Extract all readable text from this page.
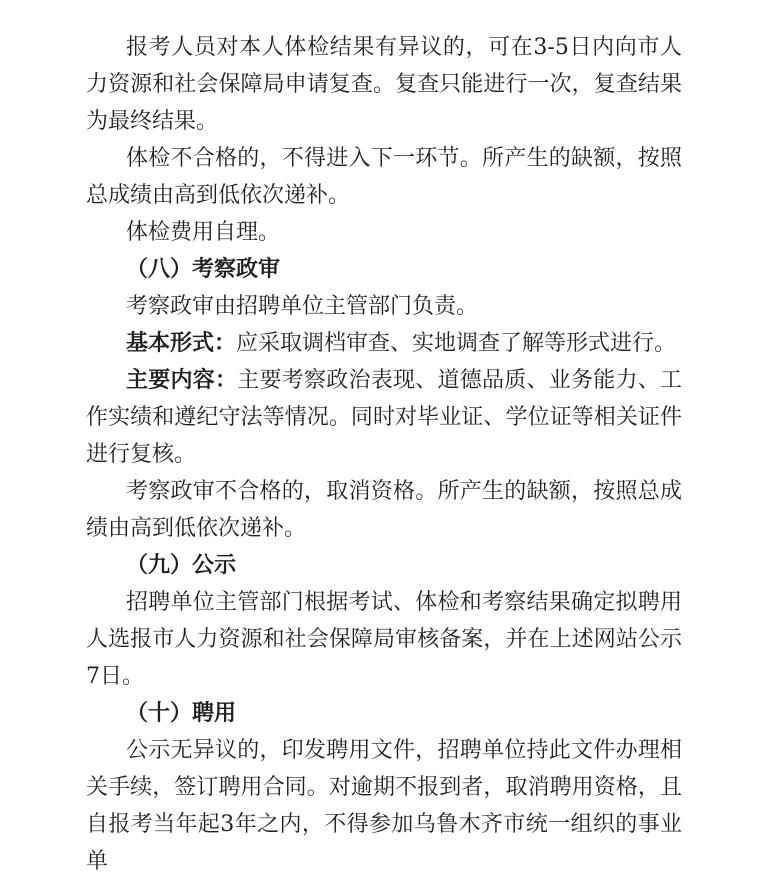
报考人员对本人体检结果有异议的，可在3-5日内向市人力资源和社会保障局申请复查。复查只能进行一次，复查结果为最终结果。

体检不合格的，不得进入下一环节。所产生的缺额，按照总成绩由高到低依次递补。

体检费用自理。

（八）考察政审

考察政审由招聘单位主管部门负责。

基本形式：应采取调档审查、实地调查了解等形式进行。

主要内容：主要考察政治表现、道德品质、业务能力、工作实绩和遵纪守法等情况。同时对毕业证、学位证等相关证件进行复核。

考察政审不合格的，取消资格。所产生的缺额，按照总成绩由高到低依次递补。

（九）公示

招聘单位主管部门根据考试、体检和考察结果确定拟聘用人选报市人力资源和社会保障局审核备案，并在上述网站公示7日。

（十）聘用

公示无异议的，印发聘用文件，招聘单位持此文件办理相关手续，签订聘用合同。对逾期不报到者，取消聘用资格，且自报考当年起3年之内，不得参加乌鲁木齐市统一组织的事业单
